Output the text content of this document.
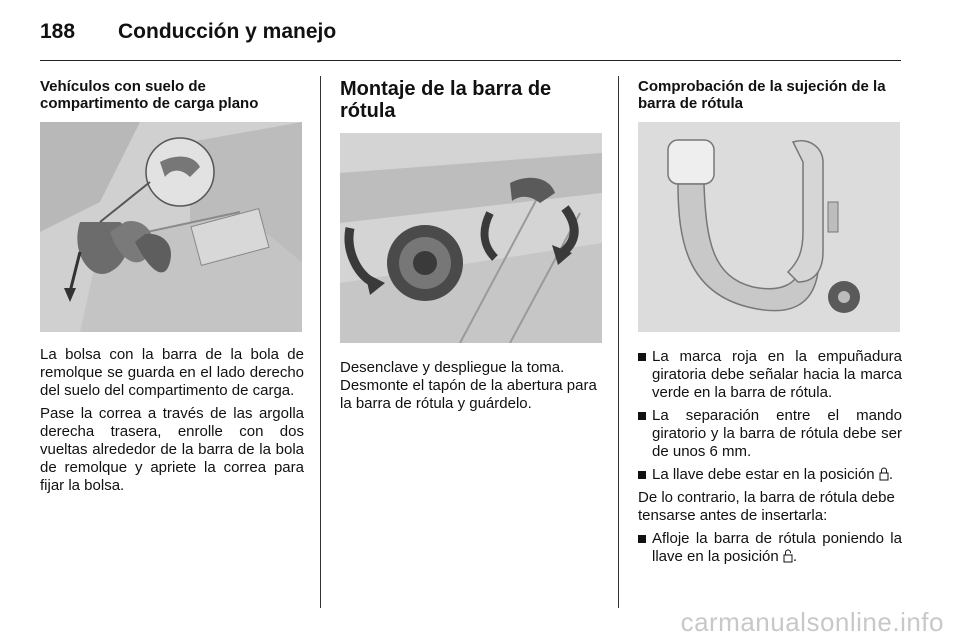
188 Conducción y manejo

Vehículos con suelo de
compartimento de carga plano

La bolsa con la barra de la bola de remolque se guarda en el lado derecho del suelo del compartimento de carga.

Pase la correa a través de las argolla derecha trasera, enrolle con dos vueltas alrededor de la barra de la bola de remolque y apriete la correa para fijar la bolsa.

Montaje de la barra de rótula

Desenclave y despliegue la toma. Desmonte el tapón de la abertura para la barra de rótula y guárdelo.

Comprobación de la sujeción de la
barra de rótula

La marca roja en la empuñadura giratoria debe señalar hacia la marca verde en la barra de rótula.
La separación entre el mando giratorio y la barra de rótula debe ser de unos 6 mm.
La llave debe estar en la posición .

De lo contrario, la barra de rótula debe tensarse antes de insertarla:

Afloje la barra de rótula poniendo la llave en la posición .
carmanualsonline.info
